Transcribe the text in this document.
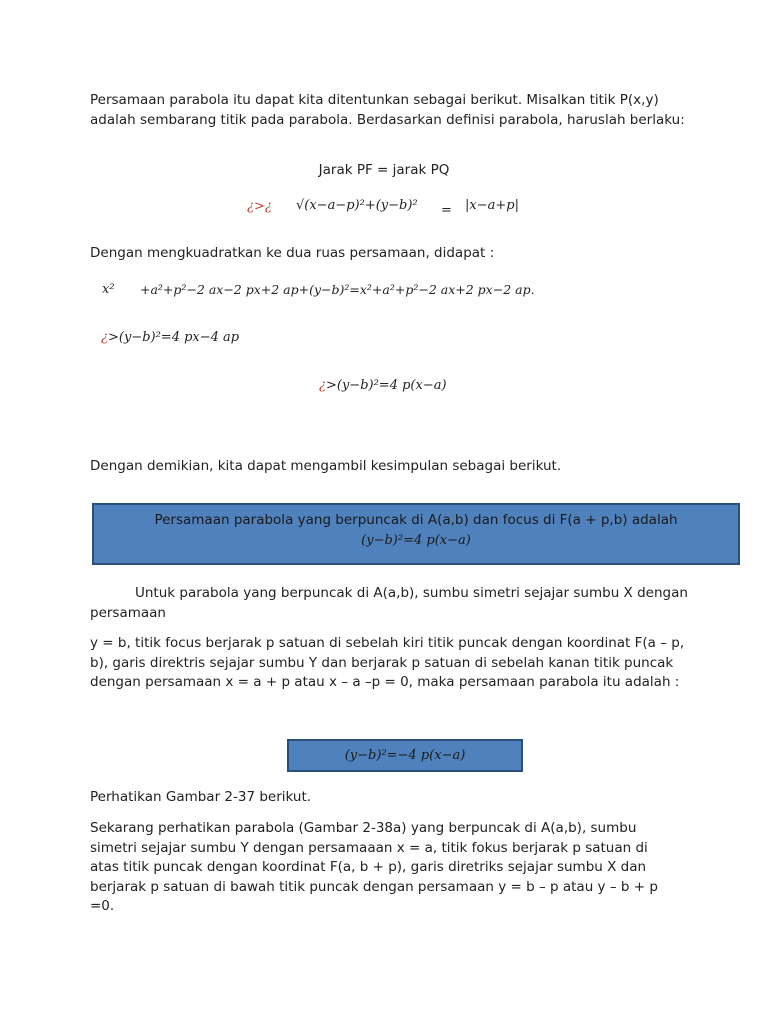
Persamaan parabola itu dapat kita ditentunkan sebagai berikut. Misalkan titik P(x,y) adalah sembarang titik pada parabola. Berdasarkan definisi parabola, haruslah berlaku:

Jarak PF = jarak PQ
¿>¿ √(x−a−p)²+(y−b)² = |x−a+p|

Dengan mengkuadratkan ke dua ruas persamaan, didapat :

x² +a²+p²−2 ax−2 px+2 ap+(y−b)²=x²+a²+p²−2 ax+2 px−2 ap.
¿ >(y−b)²=4 px−4 ap
¿ >(y−b)²=4 p(x−a)

Dengan demikian, kita dapat mengambil kesimpulan sebagai berikut.

Persamaan parabola yang berpuncak di A(a,b) dan focus di F(a + p,b) adalah
(y−b)²=4 p(x−a)

Untuk parabola yang berpuncak di A(a,b), sumbu simetri sejajar sumbu X dengan persamaan

y = b, titik focus berjarak p satuan di sebelah kiri titik puncak dengan koordinat F(a – p, b), garis direktris sejajar sumbu Y dan berjarak p satuan di sebelah kanan titik puncak dengan persamaan x = a + p atau x – a –p = 0, maka persamaan parabola itu adalah :

(y−b)²=−4 p(x−a)

Perhatikan Gambar 2-37 berikut.

Sekarang perhatikan parabola (Gambar 2-38a) yang berpuncak di A(a,b), sumbu simetri sejajar sumbu Y dengan persamaaan x = a, titik fokus berjarak p satuan di atas titik puncak dengan koordinat F(a, b + p), garis diretriks sejajar sumbu X dan berjarak p satuan di bawah titik puncak dengan persamaan y = b – p atau y – b + p =0.
